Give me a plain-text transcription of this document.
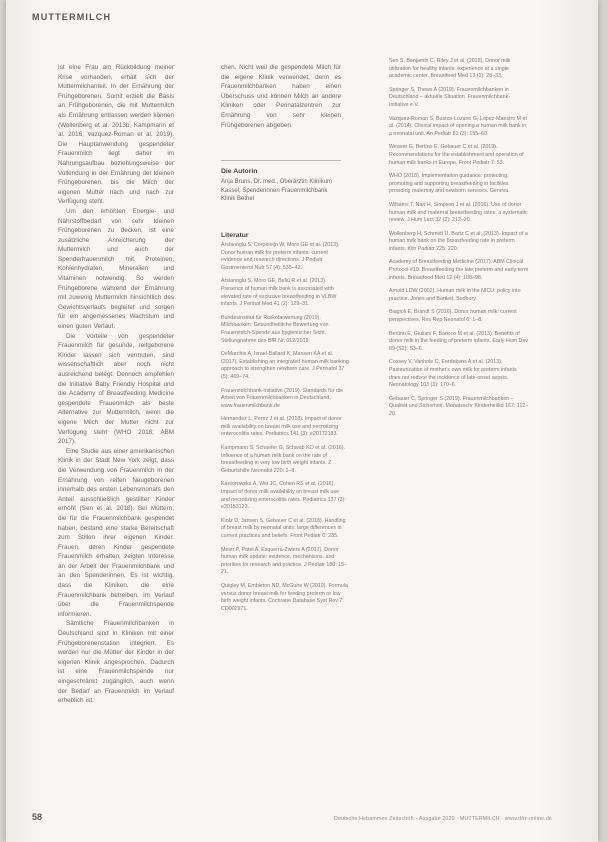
MUTTERMILCH

Ist eine Frau am Rückbildung meiner Krise vorhanden, erhält sich der Muttermilchanteil. In der Ernährung der Frühgeborenen. Somit erzielt die Basis an Frühgeborenen, die mit Muttermilch als Ernährung entlassen werden können (Wollenberg et al. 2013b; Kampmann et al. 2016; Vazquez-Roman et al. 2019). Die Hauptanwendung gespendeter Frauenmilch liegt daher im Nahrungsaufbau beziehungsweise der Vollendung in der Ernährung der kleinen Frühgeborenen, bis die Milch der eigenen Mutter nach und nach zur Verfügung steht.

Um den erhöhten Energie- und Nährstoffbedarf von sehr kleinen Frühgeborenen zu decken, ist eine zusätzliche Anreicherung der Muttermilch und auch der Spenderfrauenmilch mit Proteinen, Kohlenhydraten, Mineralien und Vitaminen notwendig. So werden Frühgeborene während der Ernährung mit zuwenig Muttermilch hinsichtlich des Gewichtsverlaufs begleitet und sorgen für ein angemessenes Wachstum und einen guten Verlauf.

Die Vorteile von gespendeter Frauenmilch für gesunde, reifgeborene Kinder lassen sich vermuten, sind wissenschaftlich aber noch nicht ausreichend belegt. Dennoch empfehlen die Initiative Baby Friendly Hospital und die Academy of Breastfeeding Medicine gespendete Frauenmilch als beste Alternative zur Muttermilch, wenn die eigene Milch der Mutter nicht zur Verfügung steht (WHO 2018; ABM 2017).

Eine Studie aus einer amerikanischen Klinik in der Stadt New York zeigt, dass die Verwendung von Frauenmilch in der Ernährung von reifen Neugeborenen innerhalb des ersten Lebensmonats den Anteil ausschließlich gestillter Kinder erhöht (Sen et al. 2018). Bei Müttern, die für die Frauenmilchbank gespendet haben, bestand eine starke Bereitschaft zum Stillen ihrer eigenen Kinder. Frauen, deren Kinder gespendete Frauenmilch erhalten, zeigten Interesse an der Arbeit der Frauenmilchbank und an den Spenderinnen. Es ist wichtig, dass die Kliniken, die eine Frauenmilchbank betreiben, im Verlauf über die Frauenmilchspende informieren.

Sämtliche Frauenmilchbanken in Deutschland sind in Kliniken mit einer Frühgeborenenstation integriert. Es werden nur die Mütter der Kinder in der eigenen Klinik angesprochen. Dadurch ist eine Frauenmilchspende nur eingeschränkt zugänglich, auch wenn der Bedarf an Frauenmilch im Verlauf erheblich ist.

chen. Nicht weil die gespendete Milch für die eigene Klinik verwendet, denn es Frauenmilchbanken haben einen Überschuss und können Milch an andere Kliniken oder Perinatalzentren zur Ernährung von sehr kleinen Frühgeborenen abgeben.

Die Autorin
Anja Bruns, Dr. med., Oberärztin Klinikum Kassel, Spenderinnen Frauenmilchbank Klinik Bethel
Literatur
Arslanoglu S, Corpeleijn W, Moro GE et al. (2013). Donor human milk for preterm infants: current evidence and research directions. J Pediatr Gastroenterol Nutr 57 (4): 535–42.
Arslanoglu S, Moro GE, Bellù R et al. (2013). Presence of human milk bank is associated with elevated rate of exclusive breastfeeding in VLBW infants. J Perinat Med 41 (2): 129–31.
Bundesinstitut für Risikobewertung (2019). Milchbanken: Gesundheitliche Bewertung von Frauenmilch-Spende aus hygienischer Sicht. Stellungnahme des BfR Nr. 012/2019.
DeMarchis A, Israel-Ballard K, Mansen KA et al. (2017). Establishing an integrated human milk banking approach to strengthen newborn care. J Perinatol 37 (5): 469–74.
Frauenmilchbank-Initiative (2019). Standards für die Arbeit von Frauenmilchbanken in Deutschland. www.frauenmilchbank.de
Hernandez L, Perez J et al. (2018). Impact of donor milk availability on breast milk use and necrotizing enterocolitis rates. Pediatrics 141 (3): e20172183.
Kampmann S, Schaefer G, Schwab KO et al. (2016). Influence of a human milk bank on the rate of breastfeeding in very low birth weight infants. Z Geburtshilfe Neonatol 220: 1–8.
Kantorowska A, Wei JC, Cohen RS et al. (2016). Impact of donor milk availability on breast milk use and necrotizing enterocolitis rates. Pediatrics 137 (3): e20153123.
Klotz D, Jansen S, Gebauer C et al. (2018). Handling of breast milk by neonatal units: large differences in current practices and beliefs. Front Pediatr 6: 235.
Meier P, Patel A, Esquerra-Zwiers A (2017). Donor human milk update: evidence, mechanisms, and priorities for research and practice. J Pediatr 180: 15–21.
Quigley M, Embleton ND, McGuire W (2019). Formula versus donor breast milk for feeding preterm or low birth weight infants. Cochrane Database Syst Rev 7: CD002971.
Sen S, Benjamin C, Riley J et al. (2018). Donor milk utilization for healthy infants: experience at a single academic center. Breastfeed Med 13 (1): 28–33.
Springer S, Thews A (2019). Frauenmilchbanken in Deutschland – aktuelle Situation. Frauenmilchbank-Initiative e.V.
Vazquez-Roman S, Bustos-Lozano G, Lopez-Maestro M et al. (2014). Clinical impact of opening a human milk bank in a neonatal unit. An Pediatr 81 (3): 155–60.
Weaver G, Bertino E, Gebauer C et al. (2019). Recommendations for the establishment and operation of human milk banks in Europe. Front Pediatr 7: 53.
WHO (2018). Implementation guidance: protecting, promoting and supporting breastfeeding in facilities providing maternity and newborn services. Geneva.
Williams T, Nair H, Simpson J et al. (2016). Use of donor human milk and maternal breastfeeding rates: a systematic review. J Hum Lact 32 (2): 212–20.
Wollenberg H, Schmidt U, Bartz C et al. (2013). Impact of a human milk bank on the breastfeeding rate in preterm infants. Klin Padiatr 225: 220.
Academy of Breastfeeding Medicine (2017). ABM Clinical Protocol #10: Breastfeeding the late preterm and early term infants. Breastfeed Med 12 (4): 188–98.
Arnold LDW (2002). Human milk in the NICU: policy into practice. Jones and Bartlett, Sudbury.
Biagioli E, Brandt S (2016). Donor human milk: current perspectives. Res Rep Neonatol 6: 1–8.
Bertino E, Giuliani F, Baricco M et al. (2013). Benefits of donor milk in the feeding of preterm infants. Early Hum Dev 89 (S2): S3–6.
Cossey V, Vanhole C, Eerdekens A et al. (2013). Pasteurization of mother's own milk for preterm infants does not reduce the incidence of late-onset sepsis. Neonatology 103 (3): 170–6.
Gebauer C, Springer S (2019). Frauenmilchbanken – Qualität und Sicherheit. Monatsschr Kinderheilkd 167: 112–20.
58	Deutsche Hebammen Zeitschrift · Ausgabe 2020 · MUTTERMILCH · www.dhz-online.de
